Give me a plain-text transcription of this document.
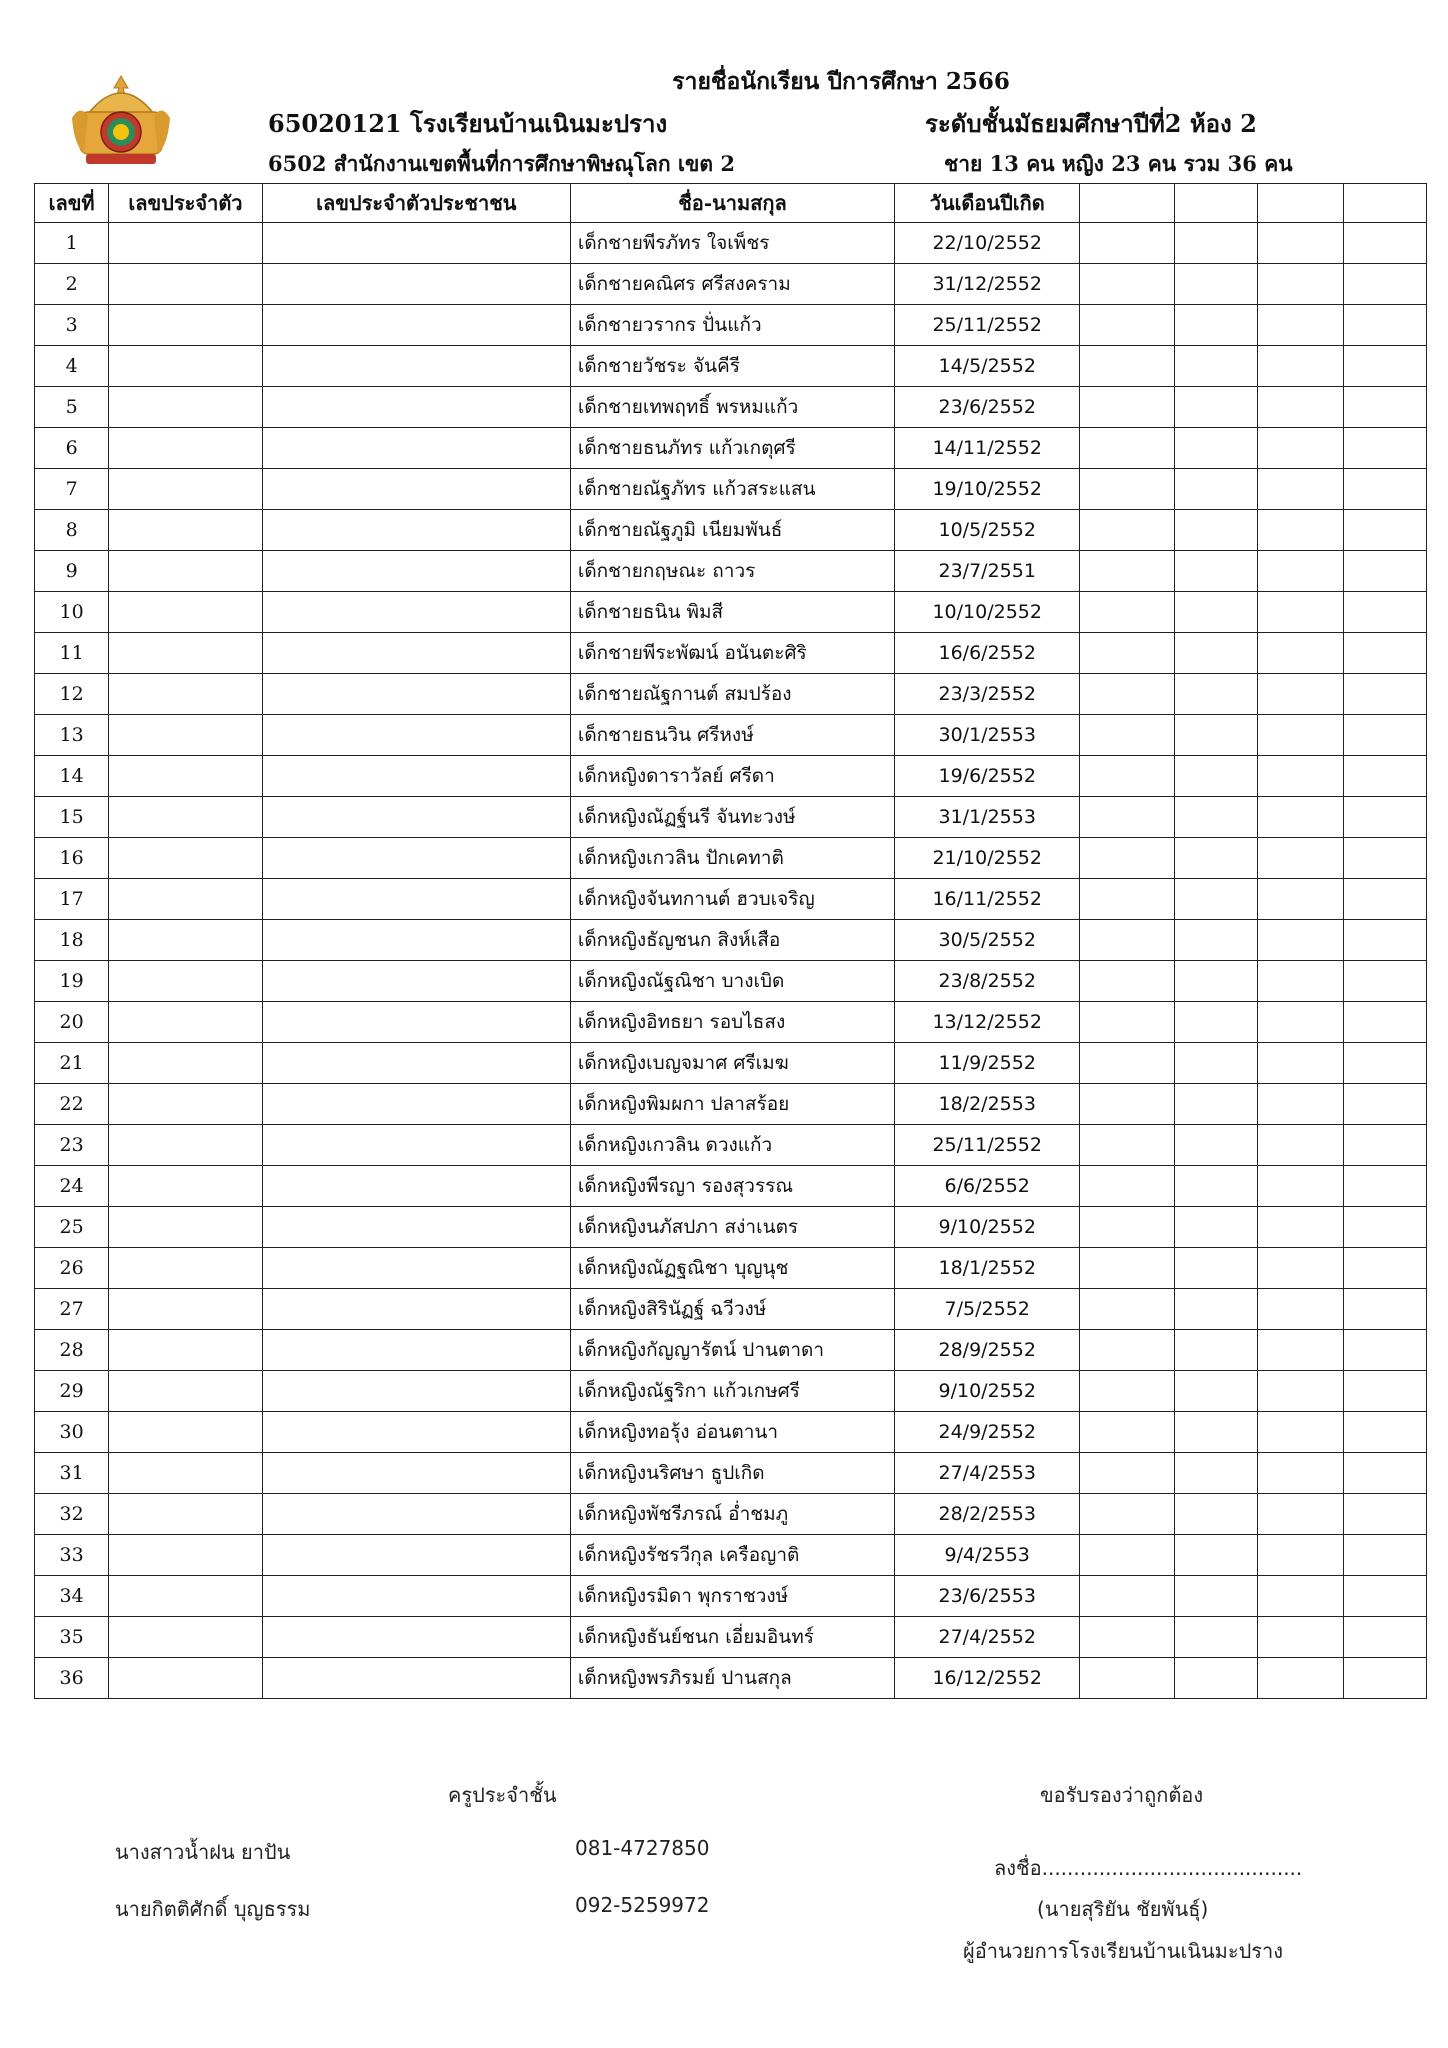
รายชื่อนักเรียน ปีการศึกษา 2566
65020121 โรงเรียนบ้านเนินมะปราง	ระดับชั้นมัธยมศึกษาปีที่2 ห้อง 2
6502 สำนักงานเขตพื้นที่การศึกษาพิษณุโลก เขต 2	ชาย 13 คน หญิง 23 คน รวม 36 คน
เลขที่	เลขประจำตัว	เลขประจำตัวประชาชน	ชื่อ-นามสกุล	วันเดือนปีเกิด				
1			เด็กชายพีรภัทร ใจเพ็ชร	22/10/2552				
2			เด็กชายคณิศร ศรีสงคราม	31/12/2552				
3			เด็กชายวรากร ปั่นแก้ว	25/11/2552				
4			เด็กชายวัชระ จันคีรี	14/5/2552				
5			เด็กชายเทพฤทธิ์ พรหมแก้ว	23/6/2552				
6			เด็กชายธนภัทร แก้วเกตุศรี	14/11/2552				
7			เด็กชายณัฐภัทร แก้วสระแสน	19/10/2552				
8			เด็กชายณัฐภูมิ เนียมพันธ์	10/5/2552				
9			เด็กชายกฤษณะ ถาวร	23/7/2551				
10			เด็กชายธนิน พิมสี	10/10/2552				
11			เด็กชายพีระพัฒน์ อนันตะศิริ	16/6/2552				
12			เด็กชายณัฐกานต์ สมปร้อง	23/3/2552				
13			เด็กชายธนวิน ศรีหงษ์	30/1/2553				
14			เด็กหญิงดาราวัลย์ ศรีดา	19/6/2552				
15			เด็กหญิงณัฏฐ์นรี จันทะวงษ์	31/1/2553				
16			เด็กหญิงเกวลิน ปักเคทาติ	21/10/2552				
17			เด็กหญิงจันทกานต์ ฮวบเจริญ	16/11/2552				
18			เด็กหญิงธัญชนก สิงห์เสือ	30/5/2552				
19			เด็กหญิงณัฐณิชา บางเบิด	23/8/2552				
20			เด็กหญิงอิทธยา รอบไธสง	13/12/2552				
21			เด็กหญิงเบญจมาศ ศรีเมฆ	11/9/2552				
22			เด็กหญิงพิมผกา ปลาสร้อย	18/2/2553				
23			เด็กหญิงเกวลิน ดวงแก้ว	25/11/2552				
24			เด็กหญิงพีรญา รองสุวรรณ	6/6/2552				
25			เด็กหญิงนภัสปภา สง่าเนตร	9/10/2552				
26			เด็กหญิงณัฏฐณิชา บุญนุช	18/1/2552				
27			เด็กหญิงสิรินัฏฐ์ ฉวีวงษ์	7/5/2552				
28			เด็กหญิงกัญญารัตน์ ปานตาดา	28/9/2552				
29			เด็กหญิงณัฐริกา แก้วเกษศรี	9/10/2552				
30			เด็กหญิงทอรุ้ง อ่อนตานา	24/9/2552				
31			เด็กหญิงนริศษา ธูปเกิด	27/4/2553				
32			เด็กหญิงพัชรีภรณ์ อ่ำชมภู	28/2/2553				
33			เด็กหญิงรัชรวีกุล เครือญาติ	9/4/2553				
34			เด็กหญิงรมิดา พุกราชวงษ์	23/6/2553				
35			เด็กหญิงธันย์ชนก เอี่ยมอินทร์	27/4/2552				
36			เด็กหญิงพรภิรมย์ ปานสกุล	16/12/2552				
ครูประจำชั้น	ขอรับรองว่าถูกต้อง
นางสาวน้ำฝน ยาปัน	081-4727850
นายกิตติศักดิ์ บุญธรรม	092-5259972
ลงชื่อ.........................................
(นายสุริยัน ชัยพันธุ์)
ผู้อำนวยการโรงเรียนบ้านเนินมะปราง
